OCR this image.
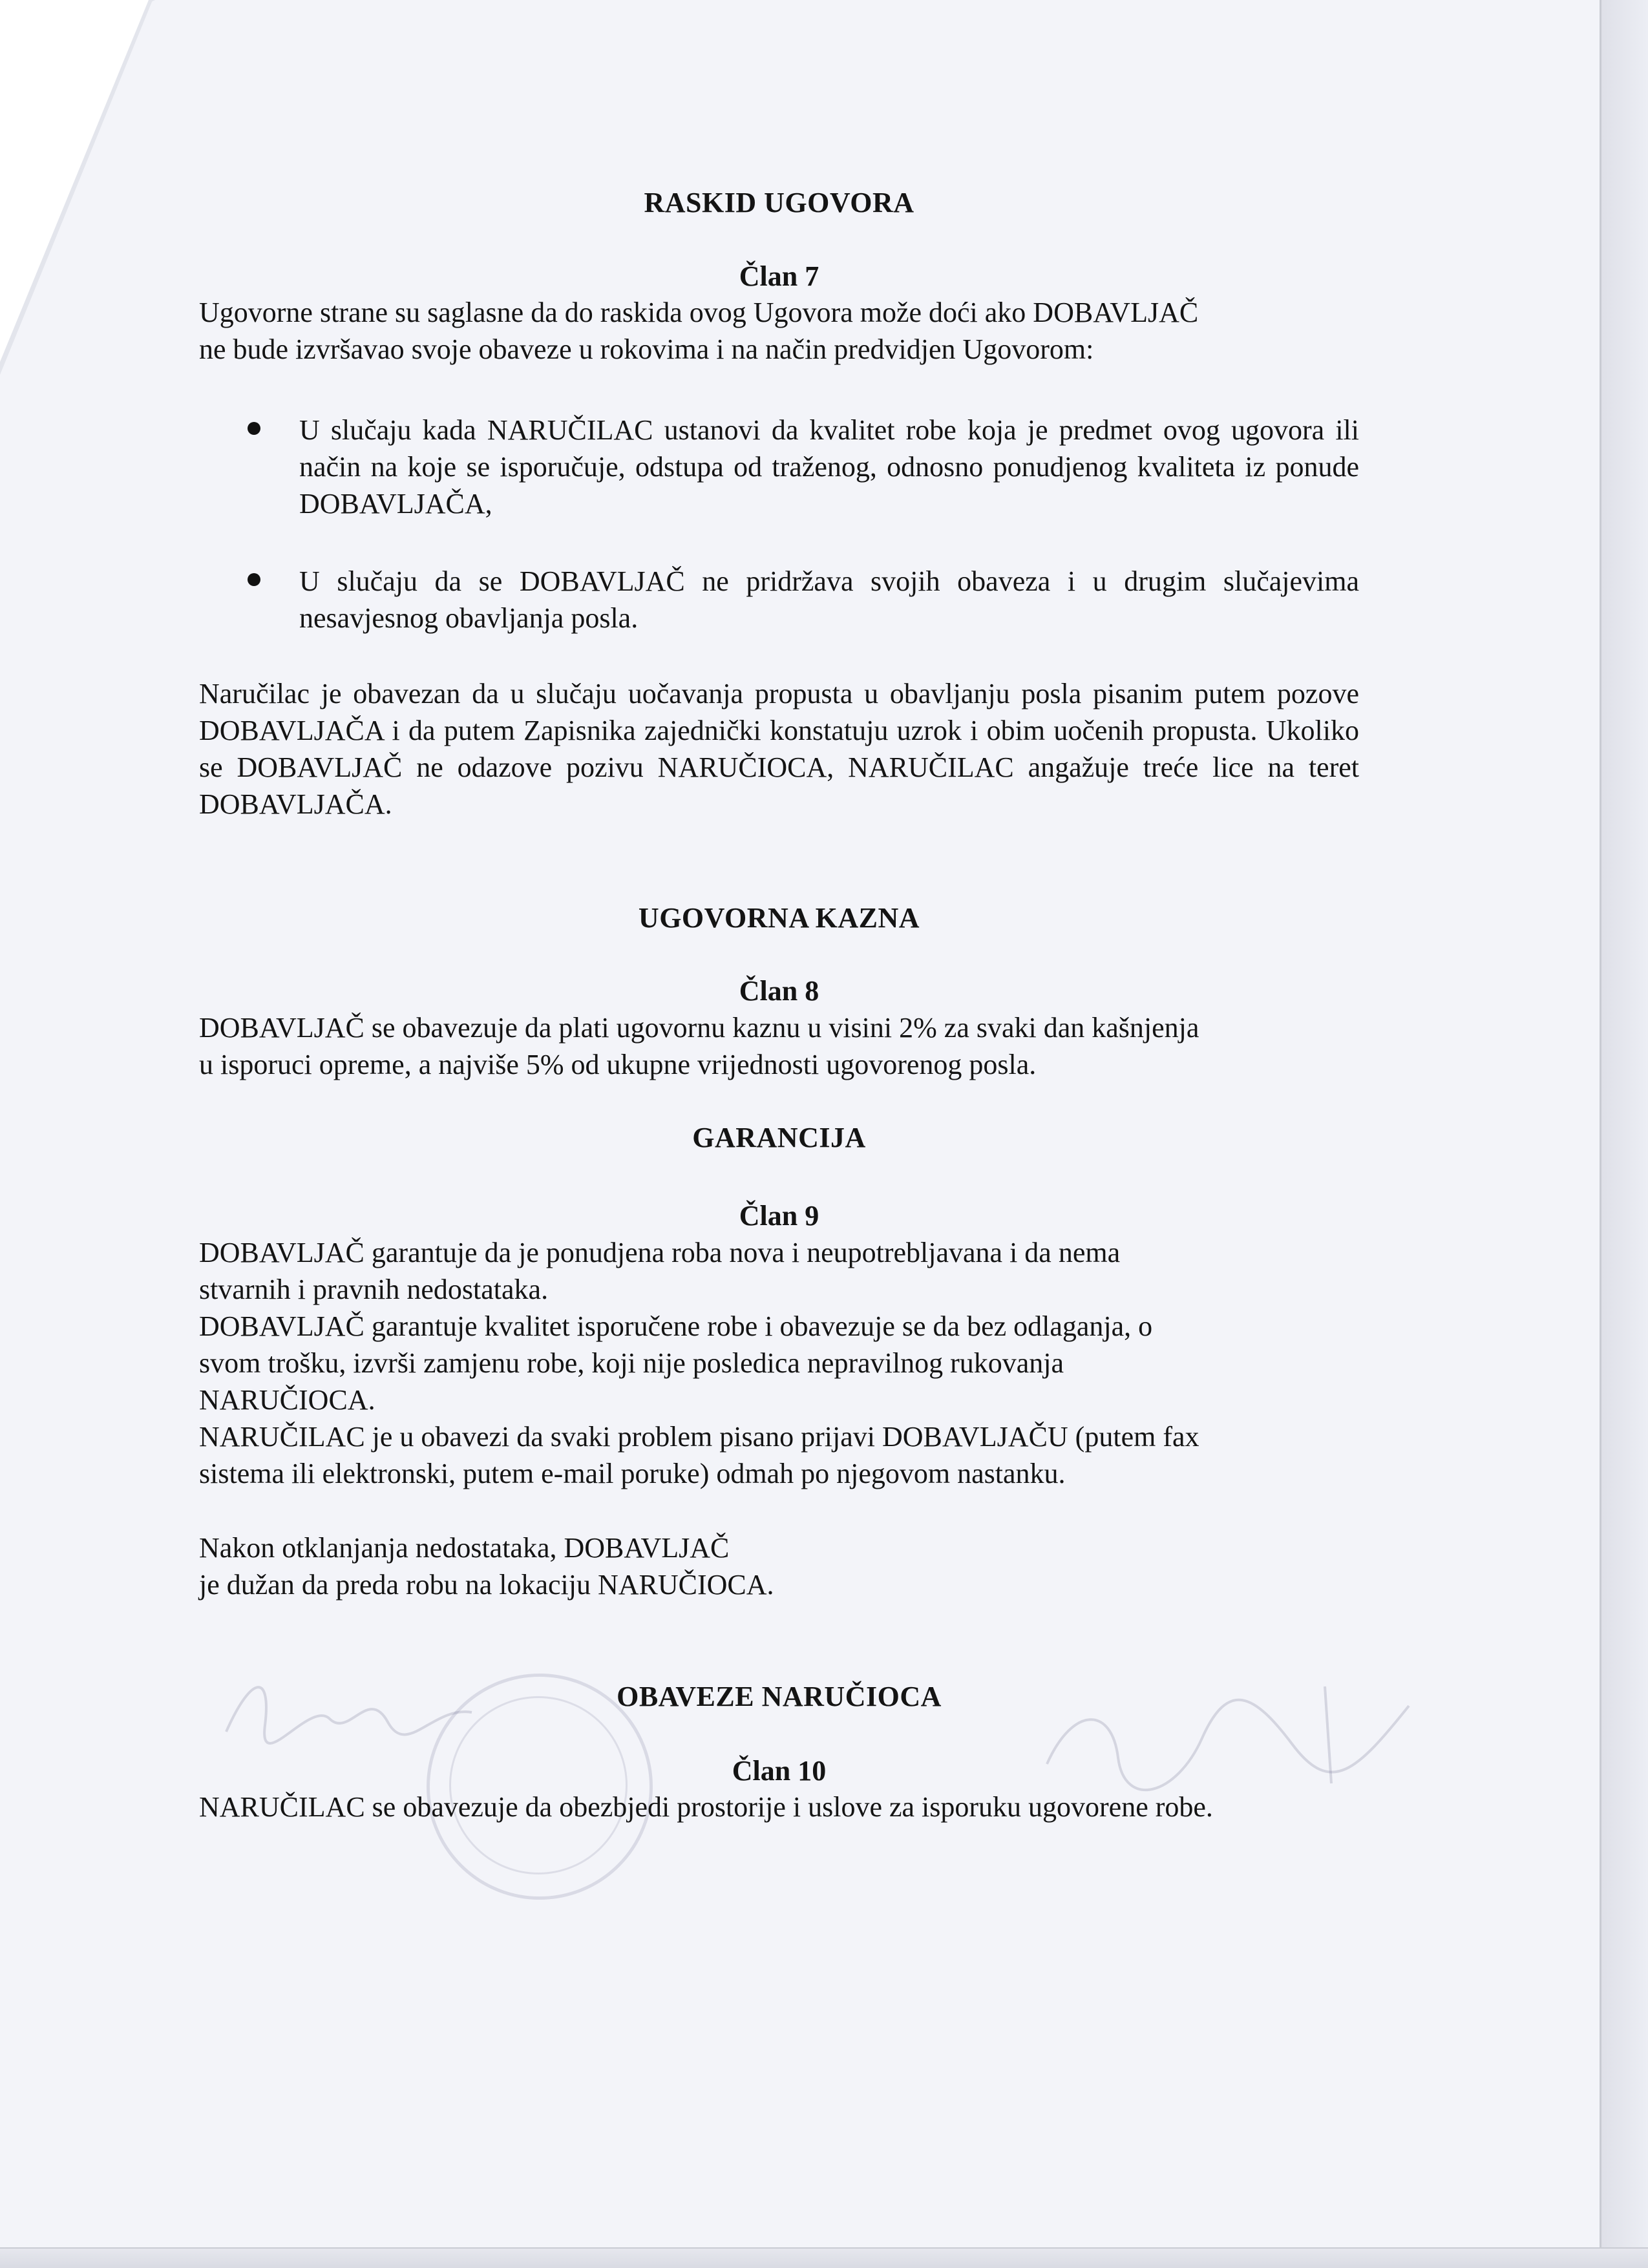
RASKID UGOVORA
Član 7
Ugovorne strane su saglasne da do raskida ovog Ugovora može doći ako DOBAVLJAČ
ne bude izvršavao svoje obaveze u rokovima i na način predvidjen Ugovorom:
U slučaju kada NARUČILAC ustanovi da kvalitet robe koja je predmet ovog ugovora ili način na koje se isporučuje, odstupa od traženog, odnosno ponudjenog kvaliteta iz ponude DOBAVLJAČA,
U slučaju da se DOBAVLJAČ ne pridržava svojih obaveza i u drugim slučajevima nesavjesnog obavljanja posla.
Naručilac je obavezan da u slučaju uočavanja propusta u obavljanju posla pisanim putem pozove DOBAVLJAČA i da putem Zapisnika zajednički konstatuju uzrok i obim uočenih propusta. Ukoliko se DOBAVLJAČ ne odazove pozivu NARUČIOCA, NARUČILAC angažuje treće lice na teret DOBAVLJAČA.
UGOVORNA KAZNA
Član 8
DOBAVLJAČ se obavezuje da plati ugovornu kaznu u visini 2% za svaki dan kašnjenja
u isporuci opreme, a najviše 5% od ukupne vrijednosti ugovorenog posla.
GARANCIJA
Član 9
DOBAVLJAČ garantuje da je ponudjena roba nova i neupotrebljavana i da nema
stvarnih i pravnih nedostataka.
DOBAVLJAČ garantuje kvalitet isporučene robe i obavezuje se da bez odlaganja, o
svom trošku, izvrši zamjenu robe, koji nije posledica nepravilnog rukovanja
NARUČIOCA.
NARUČILAC je u obavezi da svaki problem pisano prijavi DOBAVLJAČU (putem fax
sistema ili elektronski, putem e-mail poruke) odmah po njegovom nastanku.
Nakon otklanjanja nedostataka, DOBAVLJAČ
je dužan da preda robu na lokaciju NARUČIOCA.
OBAVEZE NARUČIOCA
Član 10
NARUČILAC se obavezuje da obezbjedi prostorije i uslove za isporuku ugovorene robe.
